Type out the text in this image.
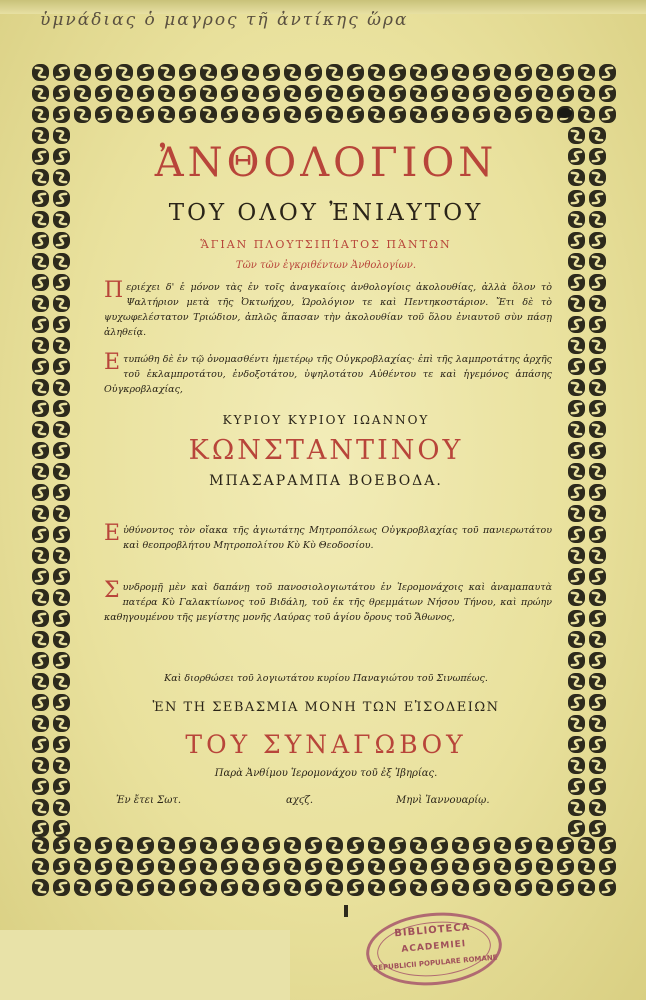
ὑμνάδιας ὁ μαγρος τῆ ἀντίκης ὥρα
ἈΝΘΟΛΟΓΙΟΝ
ΤΟΥ ΟΛΟΥ ἘΝΙΑΥΤΟΥ
ἍΓΙΑΝ ΠΛΟΥΤΣΙΠΊΑΤΟΣ ΠΆΝΤΩΝ
Τῶν τῶν ἐγκριθέντων Ἀνθολογίων.
Π εριέχει δ' ἐ μόνον τὰς ἐν τοῖς ἀναγκαίοις ἀνθολογίοις ἀκολουθίας, ἀλλὰ ὅλον τὸ Ψαλτήριον μετὰ τῆς Ὀκτωήχου, Ὡρολόγιον τε καὶ Πεντηκοστάριον. Ἔτι δὲ τὸ ψυχωφελέστατον Τριώδιον, ἁπλῶς ἅπασαν τὴν ἀκολουθίαν τοῦ ὅλου ἐνιαυτοῦ σὺν πάσῃ ἀληθείᾳ.
Ε τυπώθη δὲ ἐν τῷ ὀνομασθέντι ἡμετέρῳ τῆς Οὐγκροβλαχίας· ἐπὶ τῆς λαμπροτάτης ἀρχῆς τοῦ ἐκλαμπροτάτου, ἐνδοξοτάτου, ὑψηλοτάτου Αὐθέντου τε καὶ ἡγεμόνος ἁπάσης Οὐγκροβλαχίας,
ΚΥΡΙΟΥ ΚΥΡΙΟΥ ΙΩΑΝΝΟΥ
ΚΩΝΣΤΑΝΤΙΝΟΥ
ΜΠΑΣΑΡΑΜΠΑ ΒΟΕΒΟΔΑ.
Ε ὐθύνοντος τὸν οἴακα τῆς ἁγιωτάτης Μητροπόλεως Οὐγκροβλαχίας τοῦ πανιερωτάτου καὶ θεοπροβλήτου Μητροπολίτου Κὺ Κὺ Θεοδοσίου.
Σ υνδρομῇ μὲν καὶ δαπάνῃ τοῦ πανοσιολογιωτάτου ἐν Ἱερομονάχοις καὶ ἀναμαπαυτὰ πατέρα Κὺ Γαλακτίωνος τοῦ Βιδάλη, τοῦ ἐκ τῆς θρεμμάτων Νήσου Τήνου, καὶ πρώην καθηγουμένου τῆς μεγίστης μονῆς Λαύρας τοῦ ἁγίου ὄρους τοῦ Ἄθωνος,
Καὶ διορθώσει τοῦ λογιωτάτου κυρίου Παναγιώτου τοῦ Σινωπέως.
ἘΝ ΤΗ ΣΕΒΑΣΜΙΑ ΜΟΝΗ ΤΩΝ ΕἸΣΟΔΕΙΩΝ
ΤΟΥ ΣΥΝΑΓΩΒΟΥ
Παρὰ Ἀνθίμου Ἱερομονάχου τοῦ ἐξ Ἰβηρίας.
Ἐν ἔτει Σωτ.	αχϛζ.	Μηνὶ Ἰαννουαρίῳ.
BIBLIOTECA
ACADEMIEI
REPUBLICII POPULARE ROMANE
